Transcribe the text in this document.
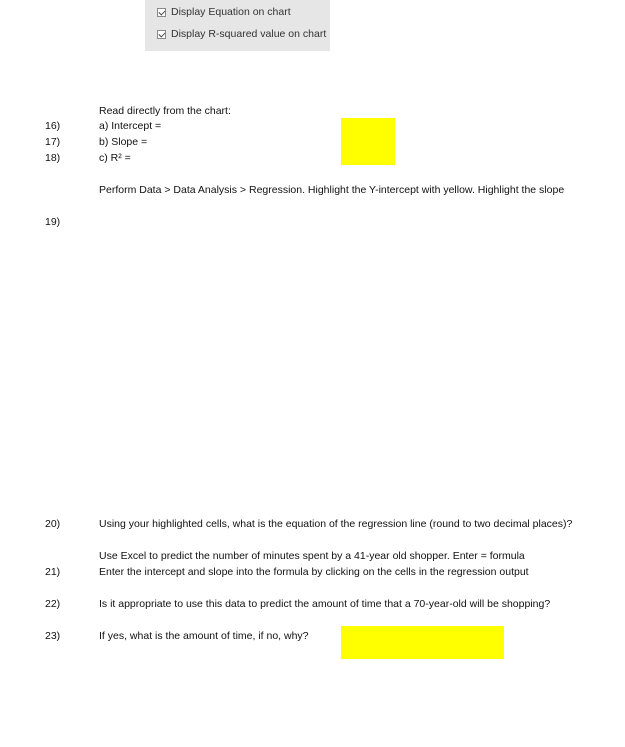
Display Equation on chart
Display R-squared value on chart
Read directly from the chart:
16)	a) Intercept =
17)	b) Slope =
18)	c) R² =
Perform Data > Data Analysis > Regression. Highlight the Y-intercept with yellow. Highlight the slope
19)
20)	Using your highlighted cells, what is the equation of the regression line (round to two decimal places)?
Use Excel to predict the number of minutes spent by a 41-year old shopper. Enter = formula
21)	Enter the intercept and slope into the formula by clicking on the cells in the regression output
22)	Is it appropriate to use this data to predict the amount of time that a 70-year-old will be shopping?
23)	If yes, what is the amount of time, if no, why?
